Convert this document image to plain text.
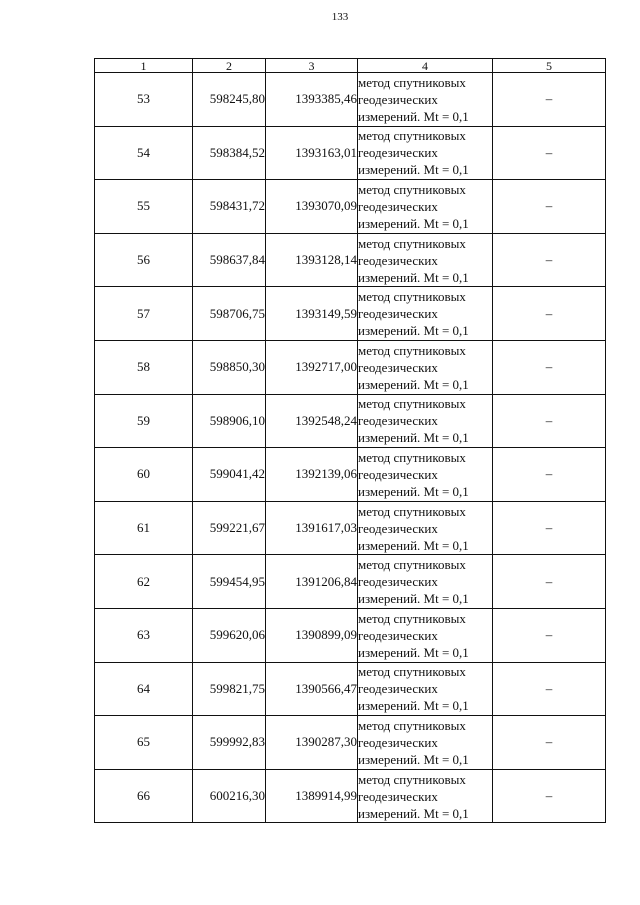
133
1	2	3	4	5
53	598245,80	1393385,46	метод спутниковых
геодезических
измерений. Mt = 0,1	–
54	598384,52	1393163,01	метод спутниковых
геодезических
измерений. Mt = 0,1	–
55	598431,72	1393070,09	метод спутниковых
геодезических
измерений. Mt = 0,1	–
56	598637,84	1393128,14	метод спутниковых
геодезических
измерений. Mt = 0,1	–
57	598706,75	1393149,59	метод спутниковых
геодезических
измерений. Mt = 0,1	–
58	598850,30	1392717,00	метод спутниковых
геодезических
измерений. Mt = 0,1	–
59	598906,10	1392548,24	метод спутниковых
геодезических
измерений. Mt = 0,1	–
60	599041,42	1392139,06	метод спутниковых
геодезических
измерений. Mt = 0,1	–
61	599221,67	1391617,03	метод спутниковых
геодезических
измерений. Mt = 0,1	–
62	599454,95	1391206,84	метод спутниковых
геодезических
измерений. Mt = 0,1	–
63	599620,06	1390899,09	метод спутниковых
геодезических
измерений. Mt = 0,1	–
64	599821,75	1390566,47	метод спутниковых
геодезических
измерений. Mt = 0,1	–
65	599992,83	1390287,30	метод спутниковых
геодезических
измерений. Mt = 0,1	–
66	600216,30	1389914,99	метод спутниковых
геодезических
измерений. Mt = 0,1	–
